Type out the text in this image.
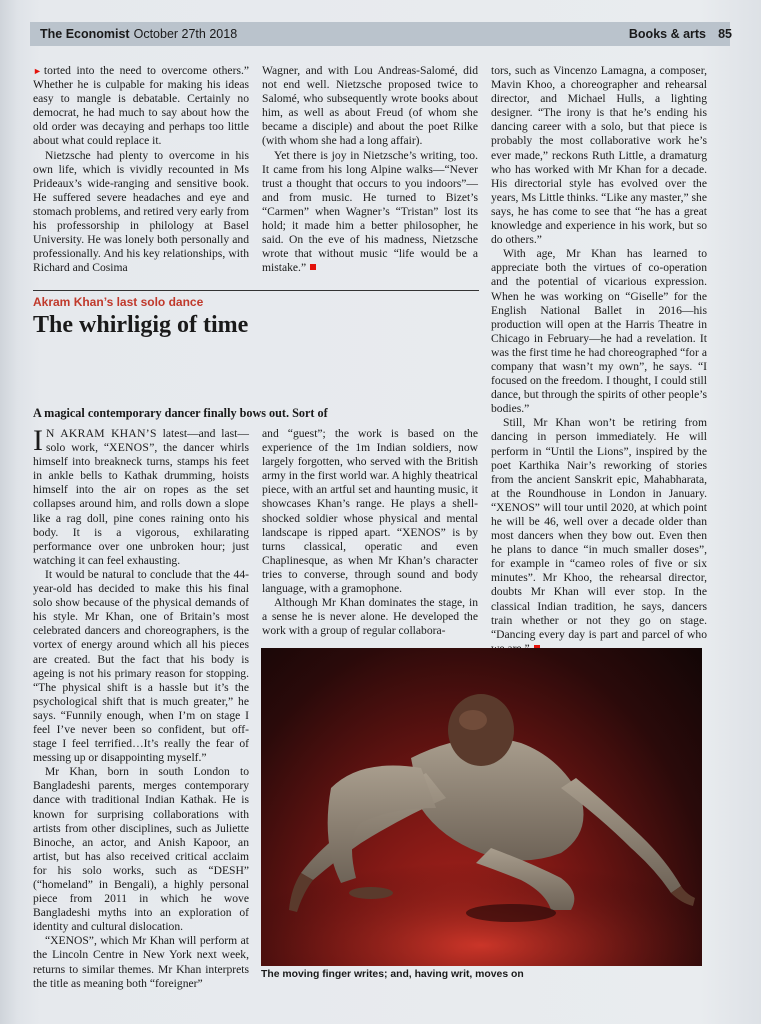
The Economist October 27th 2018	Books & arts 85

► torted into the need to overcome others.” Whether he is culpable for making his ideas easy to mangle is debatable. Certainly no democrat, he had much to say about how the old order was decaying and perhaps too little about what could replace it.

Nietzsche had plenty to overcome in his own life, which is vividly recounted in Ms Prideaux’s wide-ranging and sensitive book. He suffered severe headaches and eye and stomach problems, and retired very early from his professorship in philology at Basel University. He was lonely both personally and professionally. And his key relationships, with Richard and Cosima

Wagner, and with Lou Andreas-Salomé, did not end well. Nietzsche proposed twice to Salomé, who subsequently wrote books about him, as well as about Freud (of whom she became a disciple) and about the poet Rilke (with whom she had a long affair).

Yet there is joy in Nietzsche’s writing, too. It came from his long Alpine walks—“Never trust a thought that occurs to you indoors”—and from music. He turned to Bizet’s “Carmen” when Wagner’s “Tristan” lost its hold; it made him a better philosopher, he said. On the eve of his madness, Nietzsche wrote that without music “life would be a mistake.”

Akram Khan’s last solo dance
The whirligig of time
A magical contemporary dancer finally bows out. Sort of

I N AKRAM KHAN’S latest—and last—solo work, “XENOS”, the dancer whirls himself into breakneck turns, stamps his feet in ankle bells to Kathak drumming, hoists himself into the air on ropes as the set collapses around him, and rolls down a slope like a rag doll, pine cones raining onto his body. It is a vigorous, exhilarating performance over one unbroken hour; just watching it can feel exhausting.

It would be natural to conclude that the 44-year-old has decided to make this his final solo show because of the physical demands of his style. Mr Khan, one of Britain’s most celebrated dancers and choreographers, is the vortex of energy around which all his pieces are created. But the fact that his body is ageing is not his primary reason for stopping. “The physical shift is a hassle but it’s the psychological shift that is much greater,” he says. “Funnily enough, when I’m on stage I feel I’ve never been so confident, but off-stage I feel terrified…It’s really the fear of messing up or disappointing myself.”

Mr Khan, born in south London to Bangladeshi parents, merges contemporary dance with traditional Indian Kathak. He is known for surprising collaborations with artists from other disciplines, such as Juliette Binoche, an actor, and Anish Kapoor, an artist, but has also received critical acclaim for his solo works, such as “DESH” (“homeland” in Bengali), a highly personal piece from 2011 in which he wove Bangladeshi myths into an exploration of identity and cultural dislocation.

“XENOS”, which Mr Khan will perform at the Lincoln Centre in New York next week, returns to similar themes. Mr Khan interprets the title as meaning both “foreigner”

and “guest”; the work is based on the experience of the 1m Indian soldiers, now largely forgotten, who served with the British army in the first world war. A highly theatrical piece, with an artful set and haunting music, it showcases Khan’s range. He plays a shell-shocked soldier whose physical and mental landscape is ripped apart. “XENOS” is by turns classical, operatic and even Chaplinesque, as when Mr Khan’s character tries to converse, through sound and body language, with a gramophone.

Although Mr Khan dominates the stage, in a sense he is never alone. He developed the work with a group of regular collabora-

tors, such as Vincenzo Lamagna, a composer, Mavin Khoo, a choreographer and rehearsal director, and Michael Hulls, a lighting designer. “The irony is that he’s ending his dancing career with a solo, but that piece is probably the most collaborative work he’s ever made,” reckons Ruth Little, a dramaturg who has worked with Mr Khan for a decade. His directorial style has evolved over the years, Ms Little thinks. “Like any master,” she says, he has come to see that “he has a great knowledge and experience in his work, but so do others.”

With age, Mr Khan has learned to appreciate both the virtues of co-operation and the potential of vicarious expression. When he was working on “Giselle” for the English National Ballet in 2016—his production will open at the Harris Theatre in Chicago in February—he had a revelation. It was the first time he had choreographed “for a company that wasn’t my own”, he says. “I focused on the freedom. I thought, I could still dance, but through the spirits of other people’s bodies.”

Still, Mr Khan won’t be retiring from dancing in person immediately. He will perform in “Until the Lions”, inspired by the poet Karthika Nair’s reworking of stories from the ancient Sanskrit epic, Mahabharata, at the Roundhouse in London in January. “XENOS” will tour until 2020, at which point he will be 46, well over a decade older than most dancers when they bow out. Even then he plans to dance “in much smaller doses”, for example in “cameo roles of five or six minutes”. Mr Khoo, the rehearsal director, doubts Mr Khan will ever stop. In the classical Indian tradition, he says, dancers train whether or not they go on stage. “Dancing every day is part and parcel of who

The moving finger writes; and, having writ, moves on
